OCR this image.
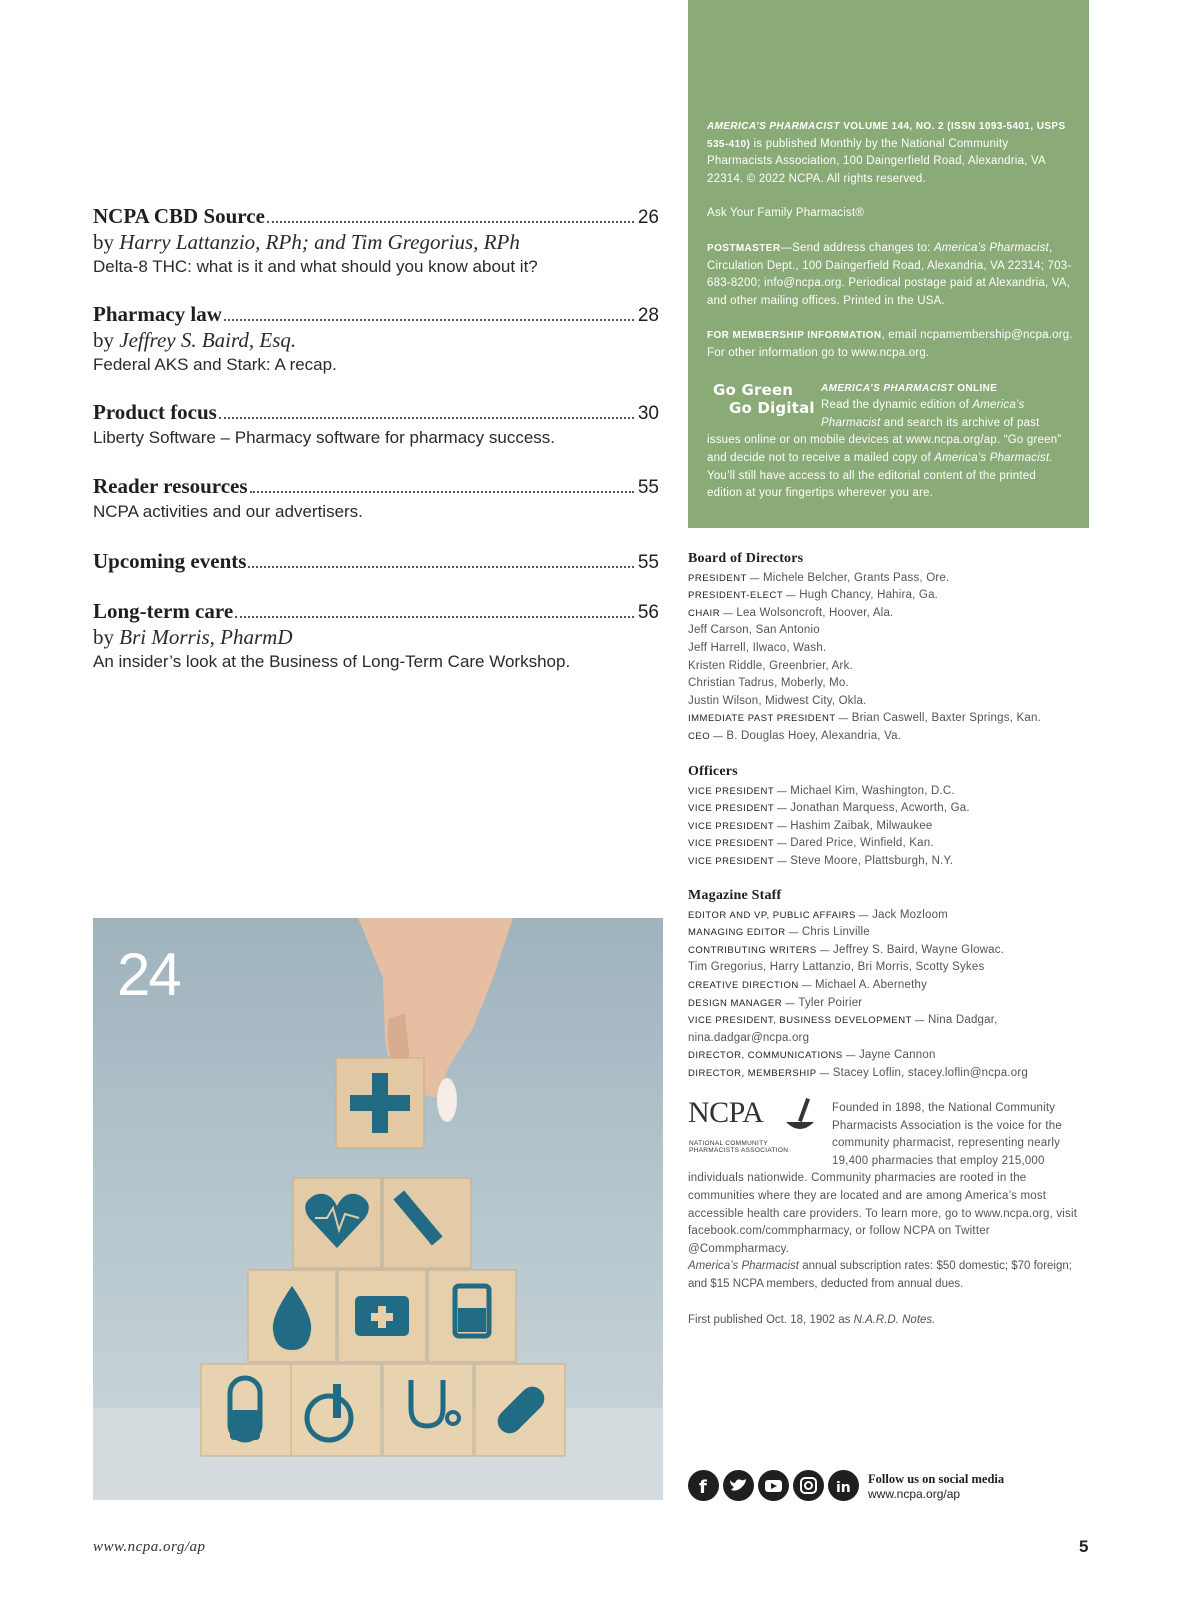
NCPA CBD Source	26
by Harry Lattanzio, RPh; and Tim Gregorius, RPh
Delta-8 THC: what is it and what should you know about it?
Pharmacy law	28
by Jeffrey S. Baird, Esq.
Federal AKS and Stark: A recap.
Product focus	30
Liberty Software – Pharmacy software for pharmacy success.
Reader resources	55
NCPA activities and our advertisers.
Upcoming events	55
Long-term care	56
by Bri Morris, PharmD
An insider’s look at the Business of Long-Term Care Workshop.
24

AMERICA’S PHARMACIST VOLUME 144, NO. 2 (ISSN 1093-5401, USPS 535-410) is published Monthly by the National Community Pharmacists Association, 100 Daingerfield Road, Alexandria, VA 22314. © 2022 NCPA. All rights reserved.

Ask Your Family Pharmacist®

POSTMASTER—Send address changes to: America’s Pharmacist, Circulation Dept., 100 Daingerfield Road, Alexandria, VA 22314; 703-683-8200; info@ncpa.org. Periodical postage paid at Alexandria, VA, and other mailing offices. Printed in the USA.

FOR MEMBERSHIP INFORMATION, email ncpamembership@ncpa.org. For other information go to www.ncpa.org.

Go Green
Go Digital
AMERICA’S PHARMACIST ONLINE
Read the dynamic edition of America’s Pharmacist and search its archive of past issues online or on mobile devices at www.ncpa.org/ap. “Go green” and decide not to receive a mailed copy of America’s Pharmacist. You’ll still have access to all the editorial content of the printed edition at your fingertips wherever you are.
Board of Directors
PRESIDENT — Michele Belcher, Grants Pass, Ore.
PRESIDENT-ELECT — Hugh Chancy, Hahira, Ga.
CHAIR — Lea Wolsoncroft, Hoover, Ala.
Jeff Carson, San Antonio
Jeff Harrell, Ilwaco, Wash.
Kristen Riddle, Greenbrier, Ark.
Christian Tadrus, Moberly, Mo.
Justin Wilson, Midwest City, Okla.
IMMEDIATE PAST PRESIDENT — Brian Caswell, Baxter Springs, Kan.
CEO — B. Douglas Hoey, Alexandria, Va.
Officers
VICE PRESIDENT — Michael Kim, Washington, D.C.
VICE PRESIDENT — Jonathan Marquess, Acworth, Ga.
VICE PRESIDENT — Hashim Zaibak, Milwaukee
VICE PRESIDENT — Dared Price, Winfield, Kan.
VICE PRESIDENT — Steve Moore, Plattsburgh, N.Y.
Magazine Staff
EDITOR AND VP, PUBLIC AFFAIRS — Jack Mozloom
MANAGING EDITOR — Chris Linville
CONTRIBUTING WRITERS — Jeffrey S. Baird, Wayne Glowac.
Tim Gregorius, Harry Lattanzio, Bri Morris, Scotty Sykes
CREATIVE DIRECTION — Michael A. Abernethy
DESIGN MANAGER — Tyler Poirier
VICE PRESIDENT, BUSINESS DEVELOPMENT — Nina Dadgar,
nina.dadgar@ncpa.org
DIRECTOR, COMMUNICATIONS — Jayne Cannon
DIRECTOR, MEMBERSHIP — Stacey Loflin, stacey.loflin@ncpa.org
NCPA
NATIONAL COMMUNITY
PHARMACISTS ASSOCIATION
Founded in 1898, the National Community Pharmacists Association is the voice for the community pharmacist, representing nearly 19,400 pharmacies that employ 215,000 individuals nationwide. Community pharmacies are rooted in the communities where they are located and are among America’s most accessible health care providers. To learn more, go to www.ncpa.org, visit facebook.com/commpharmacy, or follow NCPA on Twitter @Commpharmacy.
America’s Pharmacist annual subscription rates: $50 domestic; $70 foreign; and $15 NCPA members, deducted from annual dues.
First published Oct. 18, 1902 as N.A.R.D. Notes.
f	in
Follow us on social media
www.ncpa.org/ap
www.ncpa.org/ap	5
